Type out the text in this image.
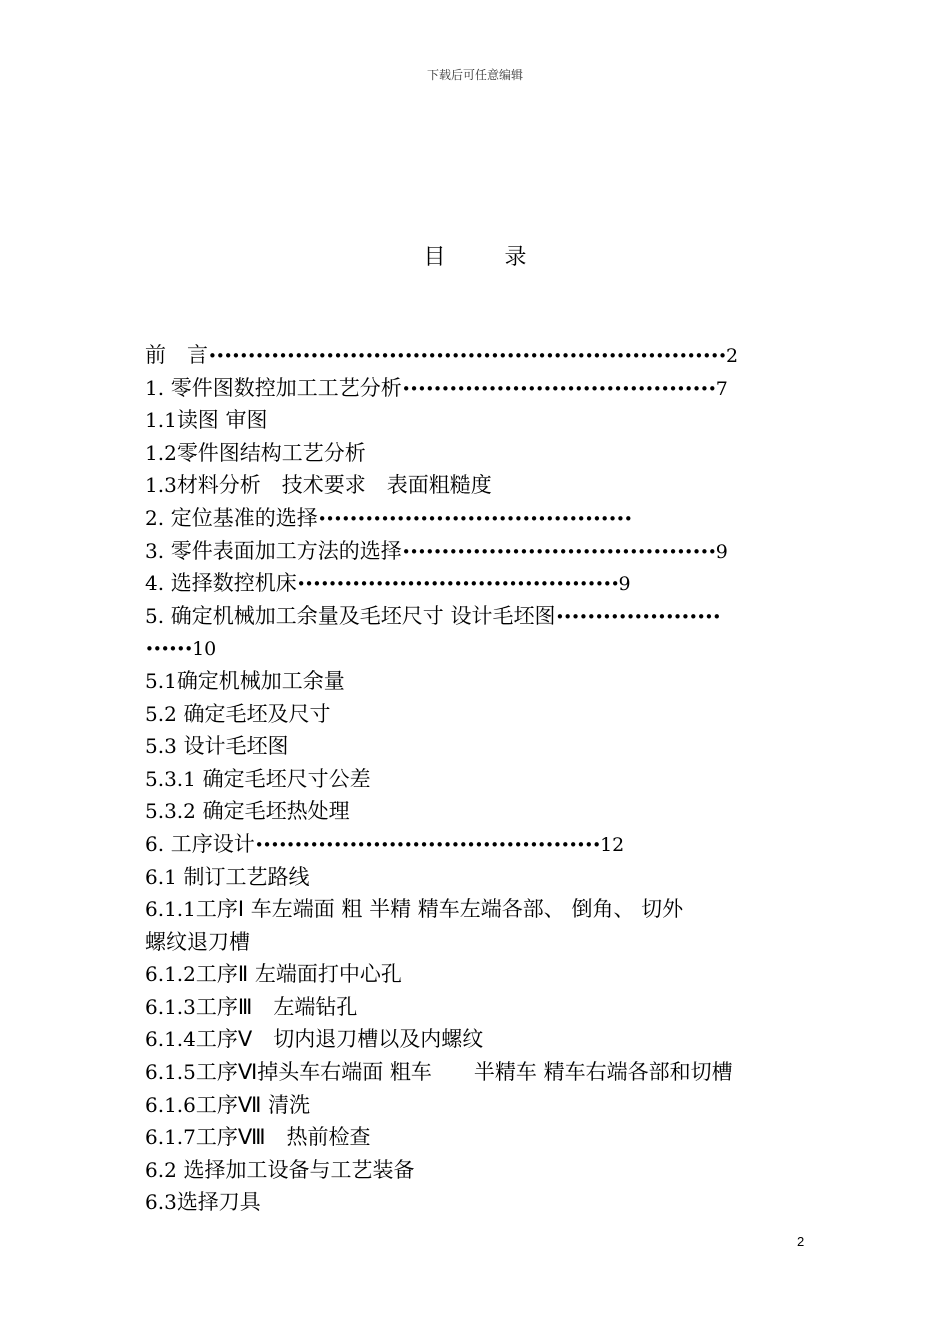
下载后可任意编辑
目 录
前　言••••••••••••••••••••••••••••••••••••••••••••••••••••••••••••••••••2
1. 零件图数控加工工艺分析••••••••••••••••••••••••••••••••••••••••7
1.1读图 审图
1.2零件图结构工艺分析
1.3材料分析　技术要求　表面粗糙度
2. 定位基准的选择••••••••••••••••••••••••••••••••••••••••
3. 零件表面加工方法的选择••••••••••••••••••••••••••••••••••••••••9
4. 选择数控机床•••••••••••••••••••••••••••••••••••••••••9
5. 确定机械加工余量及毛坯尺寸 设计毛坯图•••••••••••••••••••••
••••••10
5.1确定机械加工余量
5.2 确定毛坯及尺寸
5.3 设计毛坯图
5.3.1 确定毛坯尺寸公差
5.3.2 确定毛坯热处理
6. 工序设计••••••••••••••••••••••••••••••••••••••••••••12
6.1 制订工艺路线
6.1.1工序Ⅰ 车左端面 粗 半精 精车左端各部、 倒角、 切外
螺纹退刀槽
6.1.2工序Ⅱ 左端面打中心孔
6.1.3工序Ⅲ　左端钻孔
6.1.4工序Ⅴ　切内退刀槽以及内螺纹
6.1.5工序Ⅵ掉头车右端面 粗车　　半精车 精车右端各部和切槽
6.1.6工序Ⅶ 清洗
6.1.7工序Ⅷ　热前检查
6.2 选择加工设备与工艺装备
6.3选择刀具
2
